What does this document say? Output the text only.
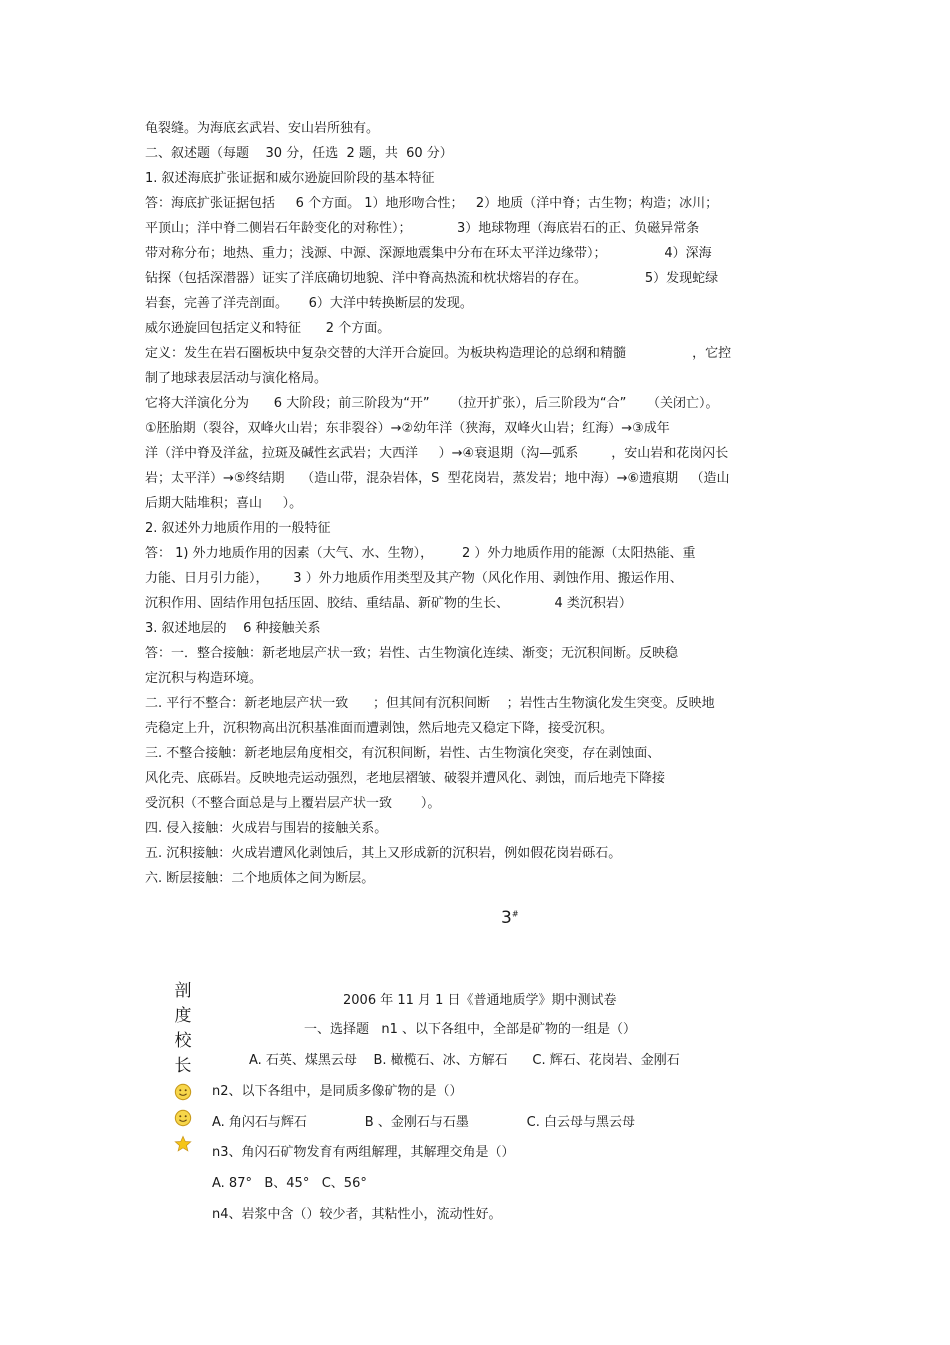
龟裂缝。为海底玄武岩、安山岩所独有。
二、叙述题（每题    30 分，任选  2 题，共  60 分）
1. 叙述海底扩张证据和威尔逊旋回阶段的基本特征
答：海底扩张证据包括     6 个方面。 1）地形吻合性；   2）地质（洋中脊；古生物；构造；冰川；
平顶山；洋中脊二侧岩石年龄变化的对称性）；           3）地球物理（海底岩石的正、负磁异常条
带对称分布；地热、重力；浅源、中源、深源地震集中分布在环太平洋边缘带）；              4）深海
钻探（包括深潜器）证实了洋底确切地貌、洋中脊高热流和枕状熔岩的存在。              5）发现蛇绿
岩套，完善了洋壳剖面。     6）大洋中转换断层的发现。
威尔逊旋回包括定义和特征      2 个方面。
定义：发生在岩石圈板块中复杂交替的大洋开合旋回。为板块构造理论的总纲和精髓                ，它控
制了地球表层活动与演化格局。
它将大洋演化分为      6 大阶段；前三阶段为“开”     （拉开扩张），后三阶段为“合”     （关闭亡）。
①胚胎期（裂谷，双峰火山岩；东非裂谷）→②幼年洋（狭海，双峰火山岩；红海）→③成年
洋（洋中脊及洋盆，拉斑及碱性玄武岩；大西洋     ）→④衰退期（沟—弧系        ，安山岩和花岗闪长
岩；太平洋）→⑤终结期    （造山带，混杂岩体，S  型花岗岩，蒸发岩；地中海）→⑥遗痕期   （造山
后期大陆堆积；喜山     ）。
2. 叙述外力地质作用的一般特征
答： 1) 外力地质作用的因素（大气、水、生物），       2 ）外力地质作用的能源（太阳热能、重
力能、日月引力能），      3 ）外力地质作用类型及其产物（风化作用、剥蚀作用、搬运作用、
沉积作用、固结作用包括压固、胶结、重结晶、新矿物的生长、           4 类沉积岩）
3. 叙述地层的    6 种接触关系
答：一．整合接触：新老地层产状一致；岩性、古生物演化连续、渐变；无沉积间断。反映稳
定沉积与构造环境。
二. 平行不整合：新老地层产状一致      ；但其间有沉积间断    ；岩性古生物演化发生突变。反映地
壳稳定上升，沉积物高出沉积基准面而遭剥蚀，然后地壳又稳定下降，接受沉积。
三. 不整合接触：新老地层角度相交，有沉积间断，岩性、古生物演化突变，存在剥蚀面、
风化壳、底砾岩。反映地壳运动强烈，老地层褶皱、破裂并遭风化、剥蚀，而后地壳下降接
受沉积（不整合面总是与上覆岩层产状一致       ）。
四. 侵入接触：火成岩与围岩的接触关系。
五. 沉积接触：火成岩遭风化剥蚀后，其上又形成新的沉积岩，例如假花岗岩砾石。
六. 断层接触：二个地质体之间为断层。
3#
剖
度
校
长
2006 年 11 月 1 日《普通地质学》期中测试卷
一、选择题   n1 、以下各组中，全部是矿物的一组是（）
A. 石英、煤黑云母    B. 橄榄石、冰、方解石      C. 辉石、花岗岩、金刚石
n2、以下各组中，是同质多像矿物的是（）
A. 角闪石与辉石              B 、金刚石与石墨              C. 白云母与黑云母
n3、角闪石矿物发育有两组解理，其解理交角是（）
A. 87°   B、45°   C、56°
n4、岩浆中含（）较少者，其粘性小，流动性好。
